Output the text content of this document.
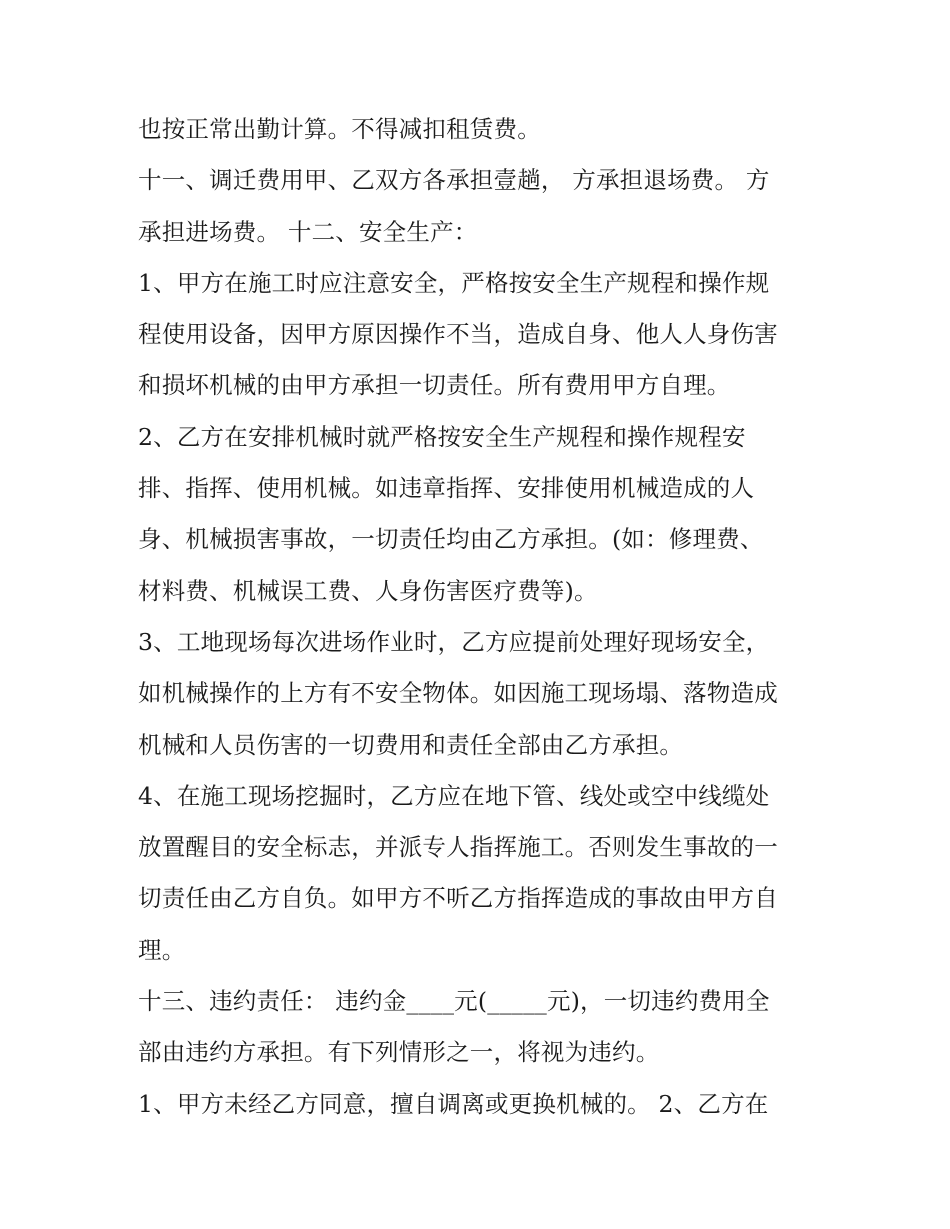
也按正常出勤计算。不得减扣租赁费。
十一、调迁费用甲、乙双方各承担壹趟， 方承担退场费。 方
承担进场费。 十二、安全生产：
1、甲方在施工时应注意安全，严格按安全生产规程和操作规
程使用设备，因甲方原因操作不当，造成自身、他人人身伤害
和损坏机械的由甲方承担一切责任。所有费用甲方自理。
2、乙方在安排机械时就严格按安全生产规程和操作规程安
排、指挥、使用机械。如违章指挥、安排使用机械造成的人
身、机械损害事故，一切责任均由乙方承担。(如：修理费、
材料费、机械误工费、人身伤害医疗费等)。
3、工地现场每次进场作业时，乙方应提前处理好现场安全，
如机械操作的上方有不安全物体。如因施工现场塌、落物造成
机械和人员伤害的一切费用和责任全部由乙方承担。
4、在施工现场挖掘时，乙方应在地下管、线处或空中线缆处
放置醒目的安全标志，并派专人指挥施工。否则发生事故的一
切责任由乙方自负。如甲方不听乙方指挥造成的事故由甲方自
理。
十三、违约责任： 违约金____元(_____元)，一切违约费用全
部由违约方承担。有下列情形之一，将视为违约。
1、甲方未经乙方同意，擅自调离或更换机械的。 2、乙方在
